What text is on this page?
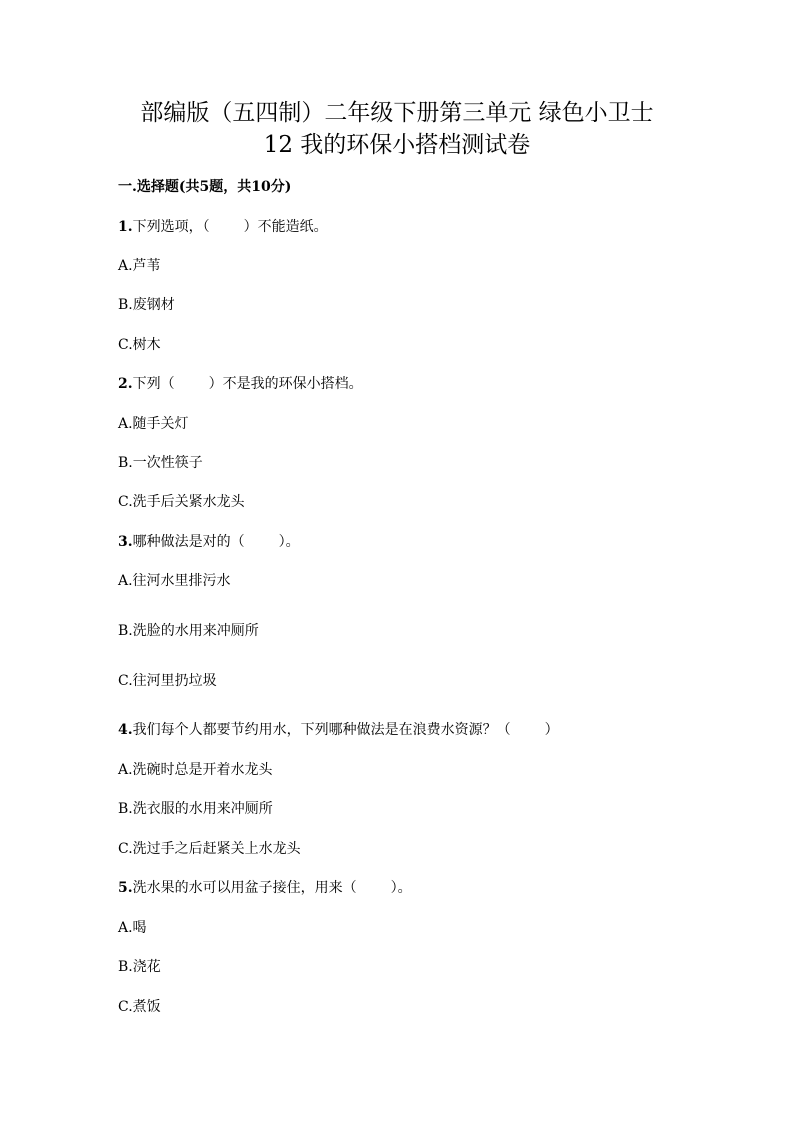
部编版（五四制）二年级下册第三单元 绿色小卫士
12 我的环保小搭档测试卷
一.选择题(共5题，共10分)
1.下列选项，（ ）不能造纸。
A.芦苇
B.废钢材
C.树木
2.下列（ ）不是我的环保小搭档。
A.随手关灯
B.一次性筷子
C.洗手后关紧水龙头
3.哪种做法是对的（ ）。
A.往河水里排污水
B.洗脸的水用来冲厕所
C.往河里扔垃圾
4.我们每个人都要节约用水，下列哪种做法是在浪费水资源？（ ）
A.洗碗时总是开着水龙头
B.洗衣服的水用来冲厕所
C.洗过手之后赶紧关上水龙头
5.洗水果的水可以用盆子接住，用来（ ）。
A.喝
B.浇花
C.煮饭
